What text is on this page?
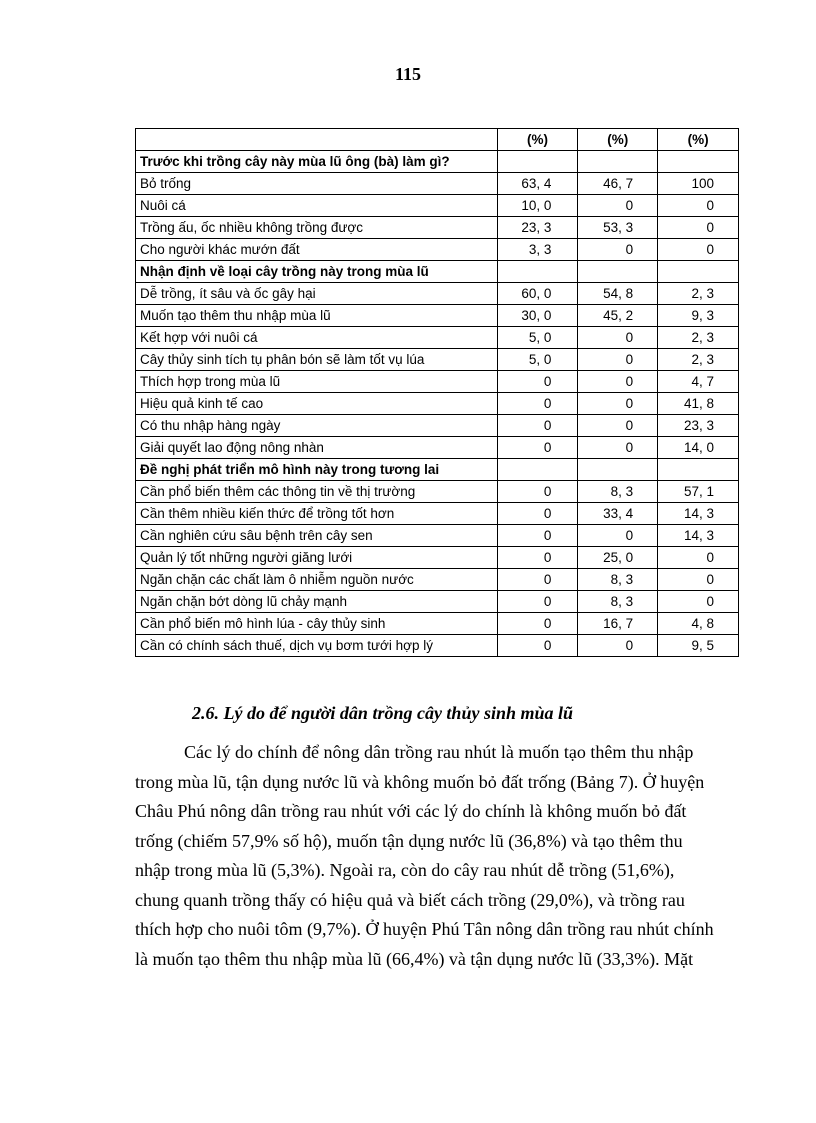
115
	(%)	(%)	(%)
Trước khi trồng cây này mùa lũ ông (bà) làm gì?			
Bỏ trống	63, 4	46, 7	100
Nuôi cá	10, 0	0	0
Trồng ấu, ốc nhiều không trồng được	23, 3	53, 3	0
Cho người khác mướn đất	3, 3	0	0
Nhận định về loại cây trồng này trong mùa lũ			
Dễ trồng, ít sâu và ốc gây hại	60, 0	54, 8	2, 3
Muốn tạo thêm thu nhập mùa lũ	30, 0	45, 2	9, 3
Kết hợp với nuôi cá	5, 0	0	2, 3
Cây thủy sinh tích tụ phân bón sẽ làm tốt vụ lúa	5, 0	0	2, 3
Thích hợp trong mùa lũ	0	0	4, 7
Hiệu quả kinh tế cao	0	0	41, 8
Có thu nhập hàng ngày	0	0	23, 3
Giải quyết lao động nông nhàn	0	0	14, 0
Đề nghị phát triển mô hình này trong tương lai			
Cần phổ biến thêm các thông tin về thị trường	0	8, 3	57, 1
Cần thêm nhiều kiến thức để trồng tốt hơn	0	33, 4	14, 3
Cần nghiên cứu sâu bệnh trên cây sen	0	0	14, 3
Quản lý tốt những người giăng lưới	0	25, 0	0
Ngăn chặn các chất làm ô nhiễm nguồn nước	0	8, 3	0
Ngăn chặn bớt dòng lũ chảy mạnh	0	8, 3	0
Cần phổ biến mô hình lúa - cây thủy sinh	0	16, 7	4, 8
Cần có chính sách thuế, dịch vụ bơm tưới hợp lý	0	0	9, 5
2.6. Lý do để người dân trồng cây thủy sinh mùa lũ
Các lý do chính để nông dân trồng rau nhút là muốn tạo thêm thu nhập
trong mùa lũ, tận dụng nước lũ và không muốn bỏ đất trống (Bảng 7). Ở huyện
Châu Phú nông dân trồng rau nhút với các lý do chính là không muốn bỏ đất
trống (chiếm 57,9% số hộ), muốn tận dụng nước lũ (36,8%) và tạo thêm thu
nhập trong mùa lũ (5,3%). Ngoài ra, còn do cây rau nhút dễ trồng (51,6%),
chung quanh trồng thấy có hiệu quả và biết cách trồng (29,0%), và trồng rau
thích hợp cho nuôi tôm (9,7%). Ở huyện Phú Tân nông dân trồng rau nhút chính
là muốn tạo thêm thu nhập mùa lũ (66,4%) và tận dụng nước lũ (33,3%). Mặt
